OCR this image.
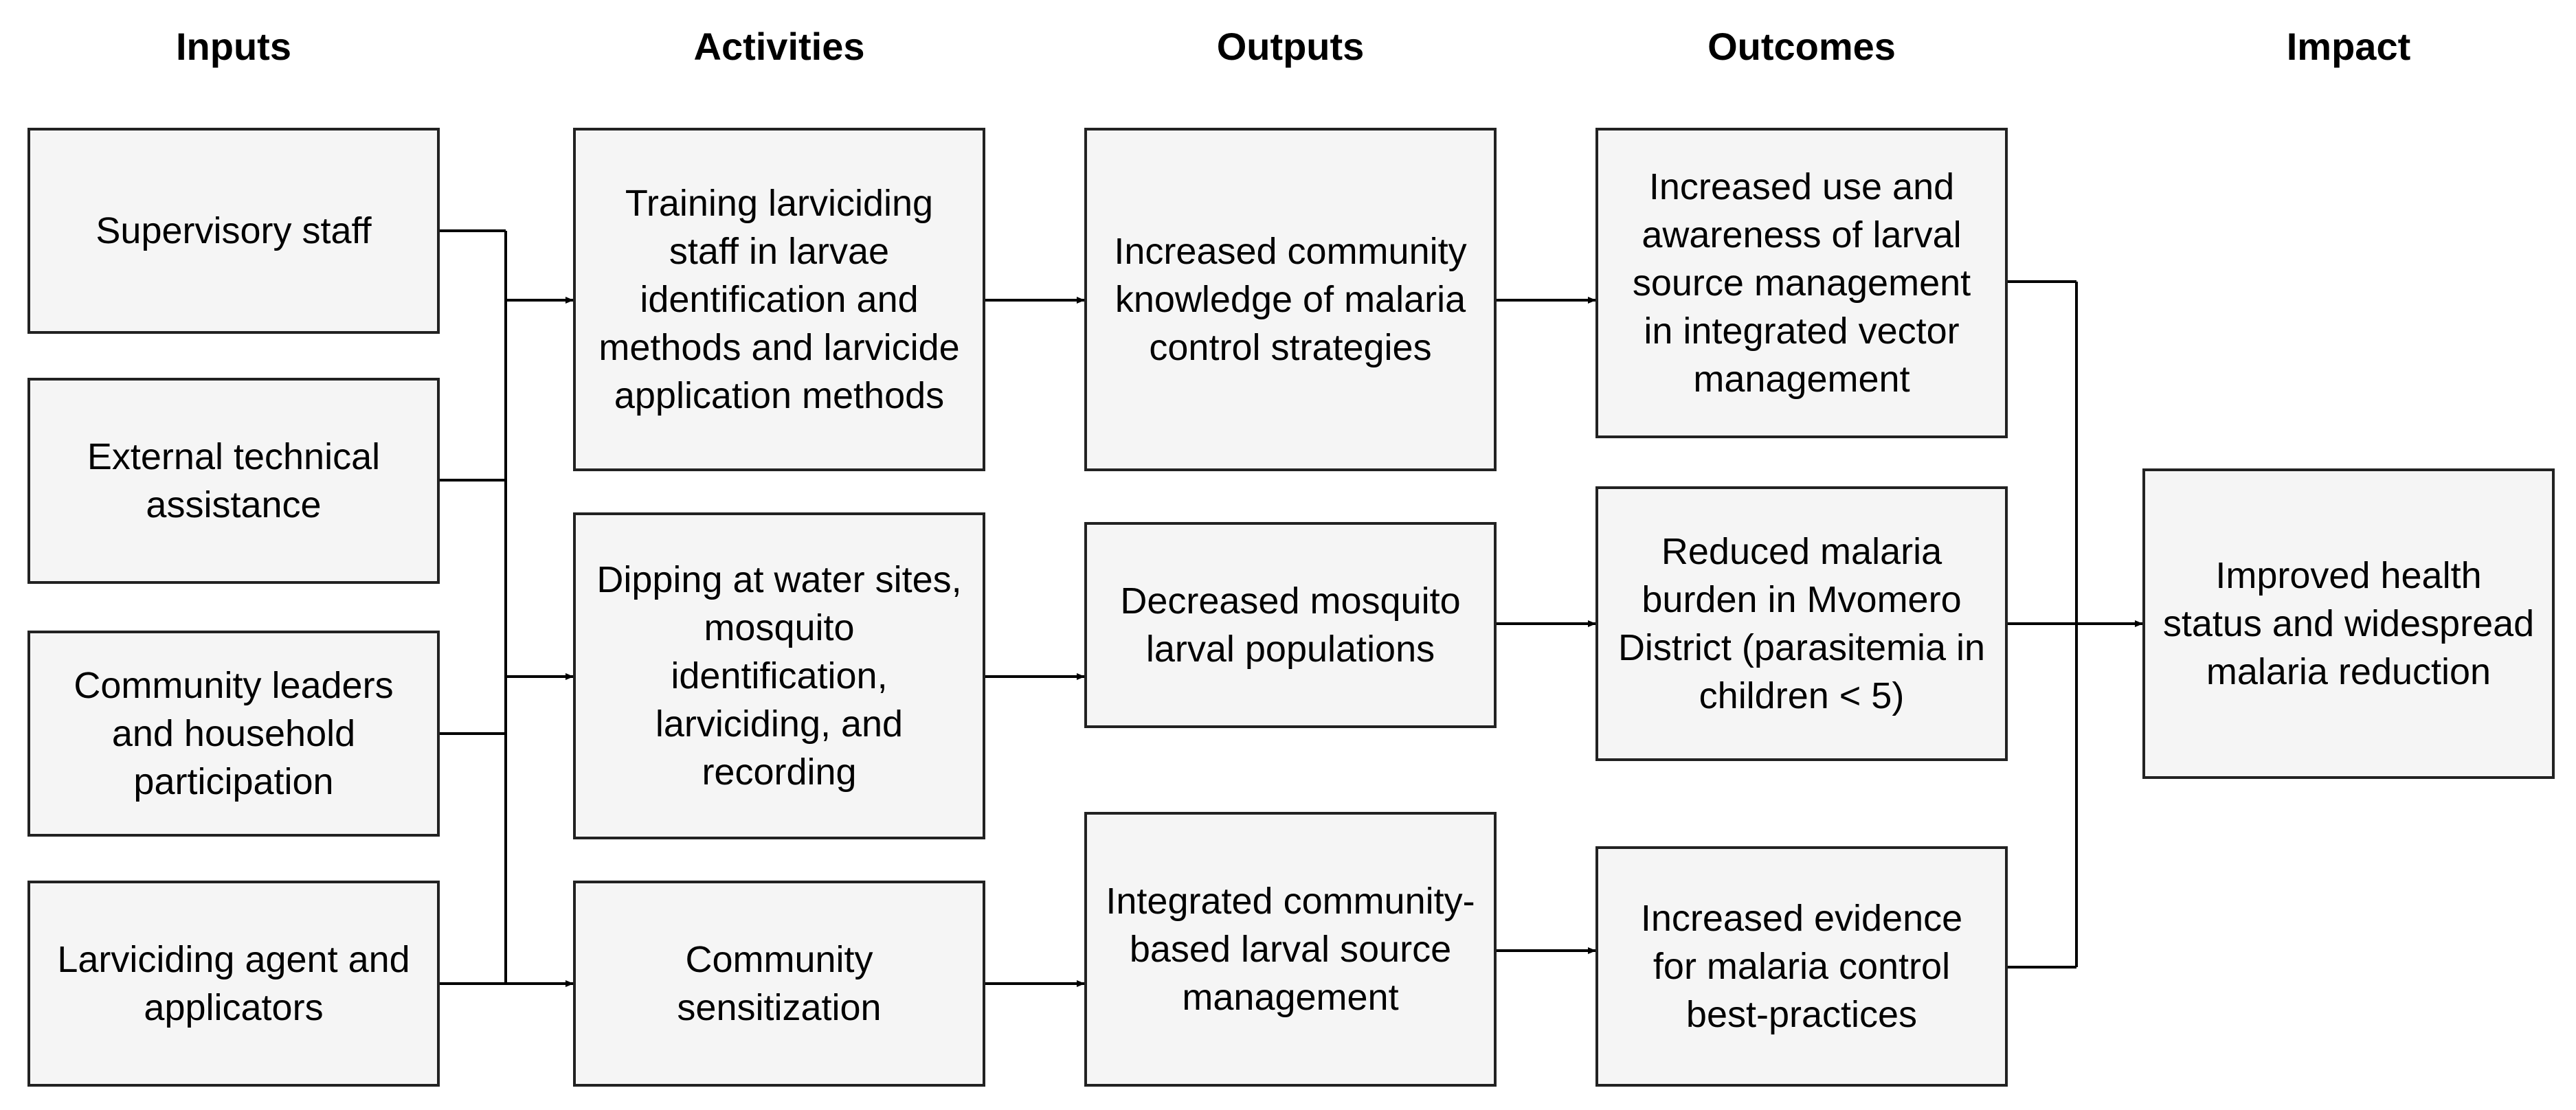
Inputs	Activities	Outputs	Outcomes	Impact
Supervisory staff
External technical assistance
Community leaders and household participation
Larviciding agent and applicators
Training larviciding staff in larvae identification and methods and larvicide application methods
Dipping at water sites, mosquito identification, larviciding, and recording
Community sensitization
Increased community knowledge of malaria control strategies
Decreased mosquito larval populations
Integrated community-based larval source management
Increased use and awareness of larval source management in integrated vector management
Reduced malaria burden in Mvomero District (parasitemia in children < 5)
Increased evidence for malaria control best-practices
Improved health status and widespread malaria reduction
